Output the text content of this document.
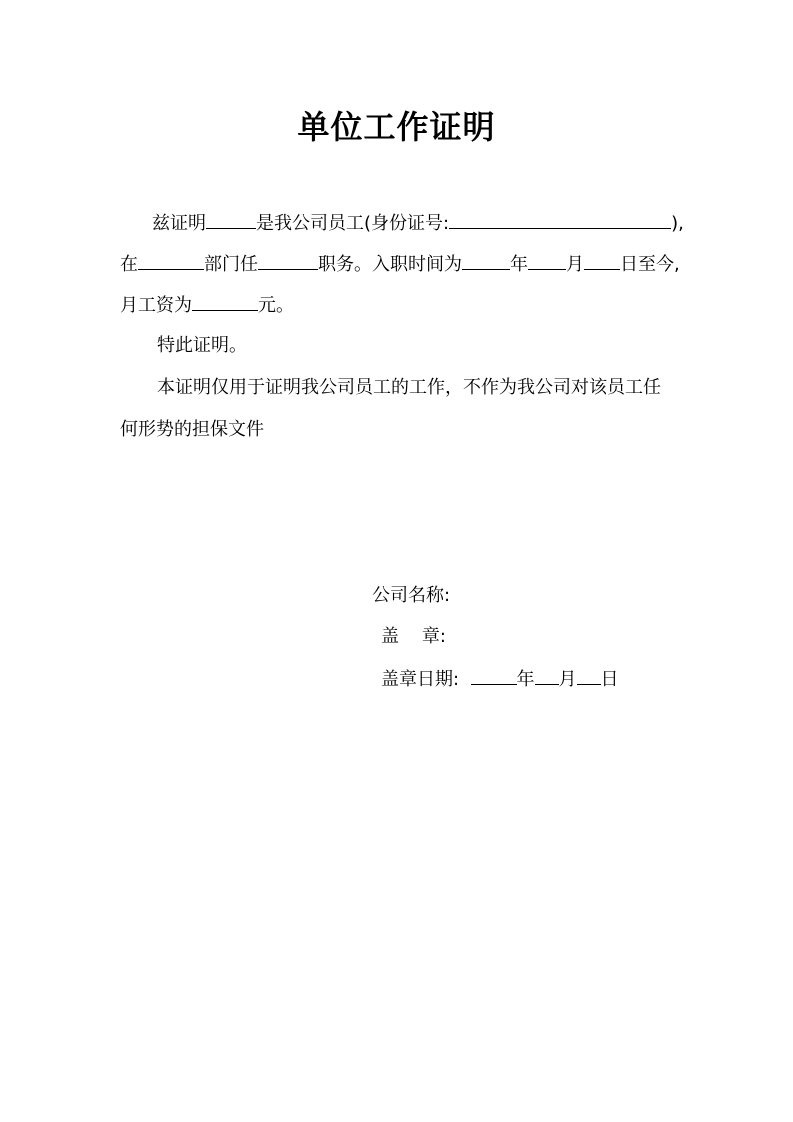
单位工作证明
兹证明	是我公司员工(身份证号:	),
在	部门任	职务。入职时间为	年 月 日至今,
月工资为	元。
特此证明。
本证明仅用于证明我公司员工的工作，不作为我公司对该员工任
何形势的担保文件
公司名称:
盖    章:
盖章日期:	年 月 日
